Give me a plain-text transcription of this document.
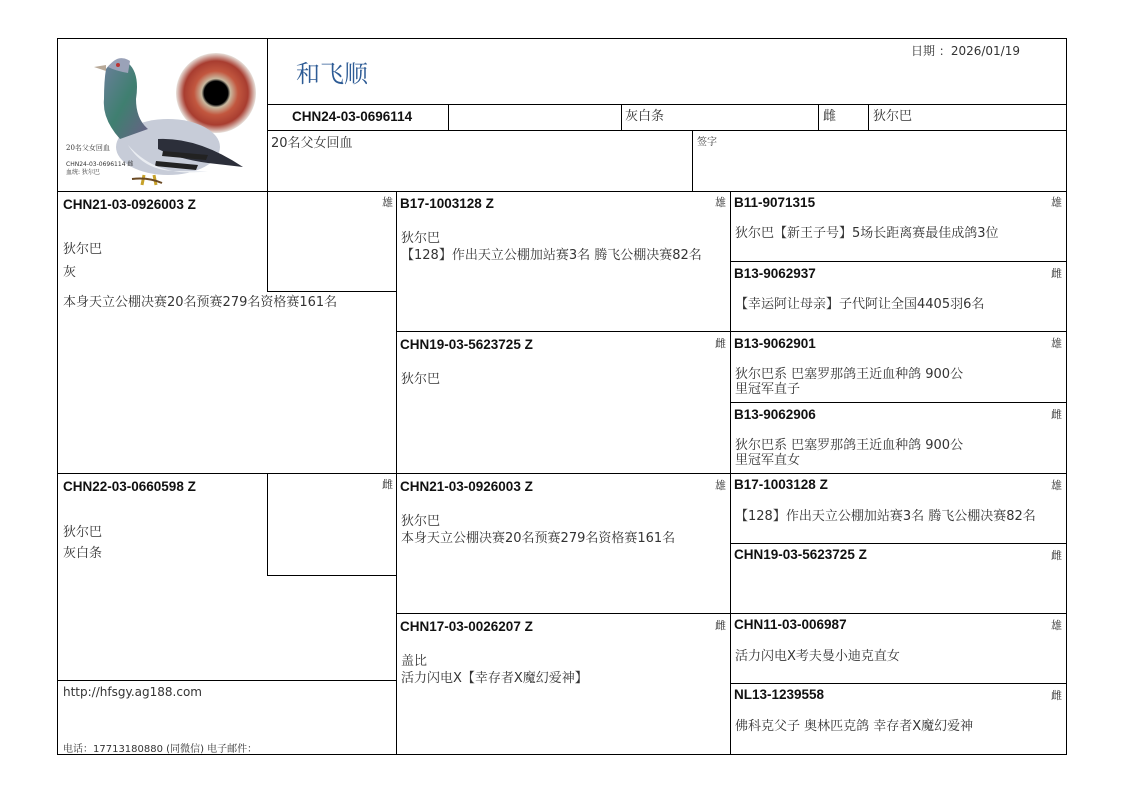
20名父女回血
CHN24-03-0696114 雌
血统: 狄尔巴
和飞顺
日期 ：2026/01/19
CHN24-03-0696114	灰白条	雌	狄尔巴
20名父女回血	签字
雄
CHN21-03-0926003 Z
狄尔巴
灰
本身天立公棚决赛20名预赛279名资格赛161名
雌
CHN22-03-0660598 Z
狄尔巴
灰白条
http://hfsgy.ag188.com
电话：17713180880 (同微信) 电子邮件：
B17-1003128 Z	雄
狄尔巴
【128】作出天立公棚加站赛3名 腾飞公棚决赛82名
CHN19-03-5623725 Z	雌
狄尔巴
CHN21-03-0926003 Z	雄
狄尔巴
本身天立公棚决赛20名预赛279名资格赛161名
CHN17-03-0026207 Z	雌
盖比
活力闪电X【幸存者X魔幻爱神】
B11-9071315	雄
狄尔巴【新王子号】5场长距离赛最佳成鸽3位
B13-9062937	雌
【幸运阿让母亲】子代阿让全国4405羽6名
B13-9062901	雄
狄尔巴系 巴塞罗那鸽王近血种鸽 900公里冠军直子
B13-9062906	雌
狄尔巴系 巴塞罗那鸽王近血种鸽 900公里冠军直女
B17-1003128 Z	雄
【128】作出天立公棚加站赛3名 腾飞公棚决赛82名
CHN19-03-5623725 Z	雌
CHN11-03-006987	雄
活力闪电X考夫曼小迪克直女
NL13-1239558	雌
佛科克父子 奥林匹克鸽 幸存者X魔幻爱神
